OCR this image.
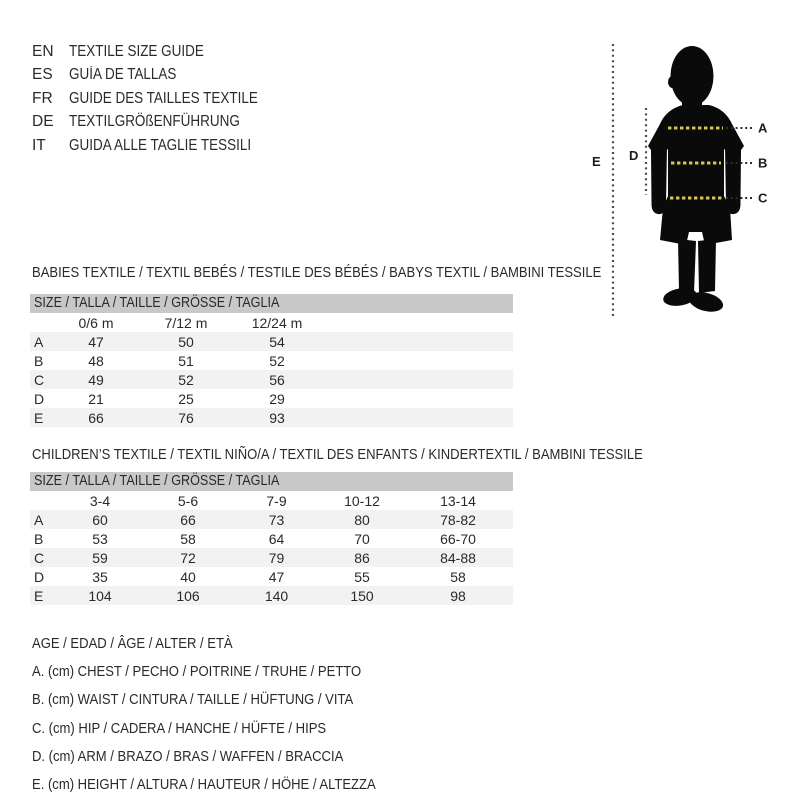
EN TEXTILE SIZE GUIDE
ES	GUÍA DE TALLAS
FR	GUIDE DES TAILLES TEXTILE
DE TEXTILGRÖßENFÜHRUNG
IT	GUIDA ALLE TAGLIE TESSILI
A
B
C
D
E
BABIES TEXTILE / TEXTIL BEBÉS / TESTILE DES BÉBÉS / BABYS TEXTIL / BAMBINI TESSILE
SIZE / TALLA / TAILLE / GRÖSSE / TAGLIA
	0/6 m	7/12 m	12/24 m	
A	47	50	54	
B	48	51	52	
C	49	52	56	
D	21	25	29	
E	66	76	93	
CHILDREN’S TEXTILE / TEXTIL NIÑO/A / TEXTIL DES ENFANTS / KINDERTEXTIL / BAMBINI TESSILE
SIZE / TALLA / TAILLE / GRÖSSE / TAGLIA
	3-4	5-6	7-9	10-12	13-14
A	60	66	73	80	78-82
B	53	58	64	70	66-70
C	59	72	79	86	84-88
D	35	40	47	55	58
E	104	106	140	150	98
AGE / EDAD / ÂGE / ALTER / ETÀ
A. (cm) CHEST / PECHO / POITRINE / TRUHE / PETTO
B. (cm) WAIST / CINTURA / TAILLE / HÜFTUNG / VITA
C. (cm) HIP / CADERA / HANCHE / HÜFTE / HIPS
D. (cm) ARM / BRAZO / BRAS / WAFFEN / BRACCIA
E. (cm) HEIGHT / ALTURA / HAUTEUR / HÖHE / ALTEZZA
